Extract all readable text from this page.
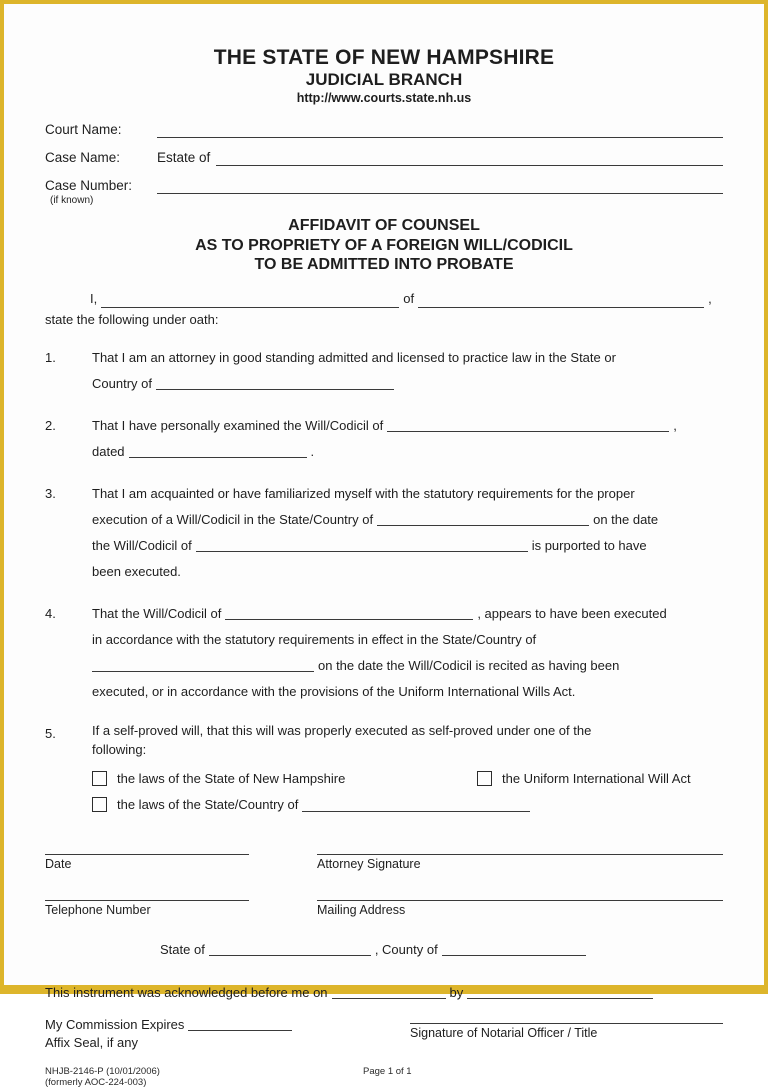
THE STATE OF NEW HAMPSHIRE
JUDICIAL BRANCH
http://www.courts.state.nh.us
Court Name:
Case Name:	Estate of
Case Number:
(if known)
AFFIDAVIT OF COUNSEL
AS TO PROPRIETY OF A FOREIGN WILL/CODICIL
TO BE ADMITTED INTO PROBATE
I,	of	,
state the following under oath:
1.	That I am an attorney in good standing admitted and licensed to practice law in the State or
Country of
2.	That I have personally examined the Will/Codicil of	,
dated	.
3.	That I am acquainted or have familiarized myself with the statutory requirements for the proper
execution of a Will/Codicil in the State/Country of	on the date
the Will/Codicil of	is purported to have
been executed.
4.	That the Will/Codicil of	, appears to have been executed
in accordance with the statutory requirements in effect in the State/Country of
on the date the Will/Codicil is recited as having been
executed, or in accordance with the provisions of the Uniform International Wills Act.
5.	If a self-proved will, that this will was properly executed as self-proved under one of the
following:
the laws of the State of New Hampshire	the Uniform International Will Act
the laws of the State/Country of
Date	Attorney Signature
Telephone Number	Mailing Address
State of	, County of
This instrument was acknowledged before me on	by
My Commission Expires
Affix Seal, if any
Signature of Notarial Officer / Title
NHJB-2146-P (10/01/2006)
(formerly AOC-224-003)
Page 1 of 1
